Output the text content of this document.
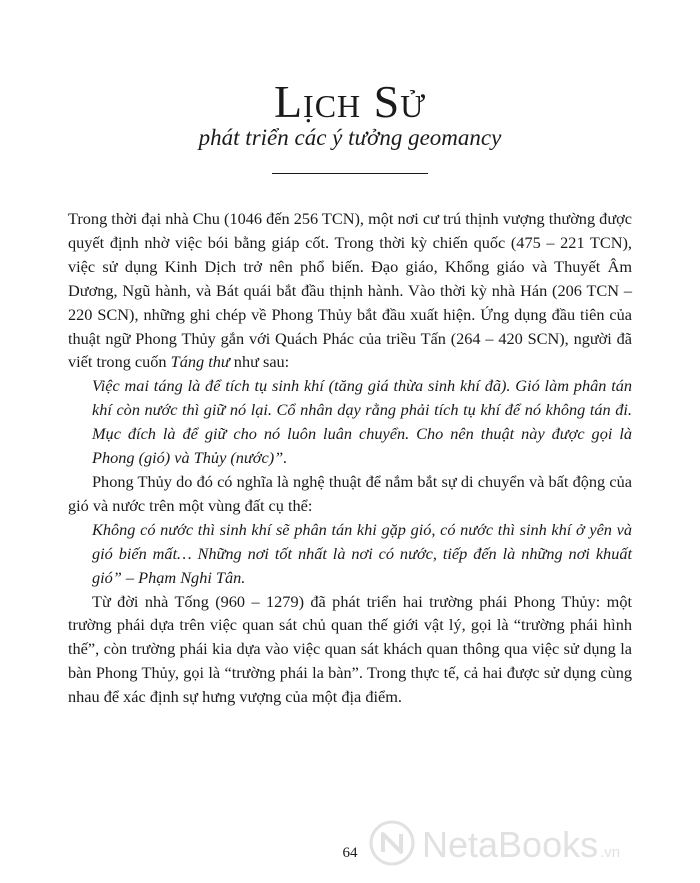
Lịch Sử
phát triển các ý tưởng geomancy

Trong thời đại nhà Chu (1046 đến 256 TCN), một nơi cư trú thịnh vượng thường được quyết định nhờ việc bói bằng giáp cốt. Trong thời kỳ chiến quốc (475 – 221 TCN), việc sử dụng Kinh Dịch trở nên phổ biến. Đạo giáo, Khổng giáo và Thuyết Âm Dương, Ngũ hành, và Bát quái bắt đầu thịnh hành. Vào thời kỳ nhà Hán (206 TCN – 220 SCN), những ghi chép về Phong Thủy bắt đầu xuất hiện. Ứng dụng đầu tiên của thuật ngữ Phong Thủy gắn với Quách Phác của triều Tấn (264 – 420 SCN), người đã viết trong cuốn Táng thư như sau:

Việc mai táng là để tích tụ sinh khí (tăng giá thừa sinh khí đã). Gió làm phân tán khí còn nước thì giữ nó lại. Cổ nhân dạy rằng phải tích tụ khí để nó không tán đi. Mục đích là để giữ cho nó luôn luân chuyển. Cho nên thuật này được gọi là Phong (gió) và Thủy (nước)”.

Phong Thủy do đó có nghĩa là nghệ thuật để nắm bắt sự di chuyển và bất động của gió và nước trên một vùng đất cụ thể:

Không có nước thì sinh khí sẽ phân tán khi gặp gió, có nước thì sinh khí ở yên và gió biến mất… Những nơi tốt nhất là nơi có nước, tiếp đến là những nơi khuất gió” – Phạm Nghi Tân.

Từ đời nhà Tống (960 – 1279) đã phát triển hai trường phái Phong Thủy: một trường phái dựa trên việc quan sát chủ quan thế giới vật lý, gọi là “trường phái hình thế”, còn trường phái kia dựa vào việc quan sát khách quan thông qua việc sử dụng la bàn Phong Thủy, gọi là “trường phái la bàn”. Trong thực tế, cả hai được sử dụng cùng nhau để xác định sự hưng vượng của một địa điểm.

64	NetaBooks .vn
